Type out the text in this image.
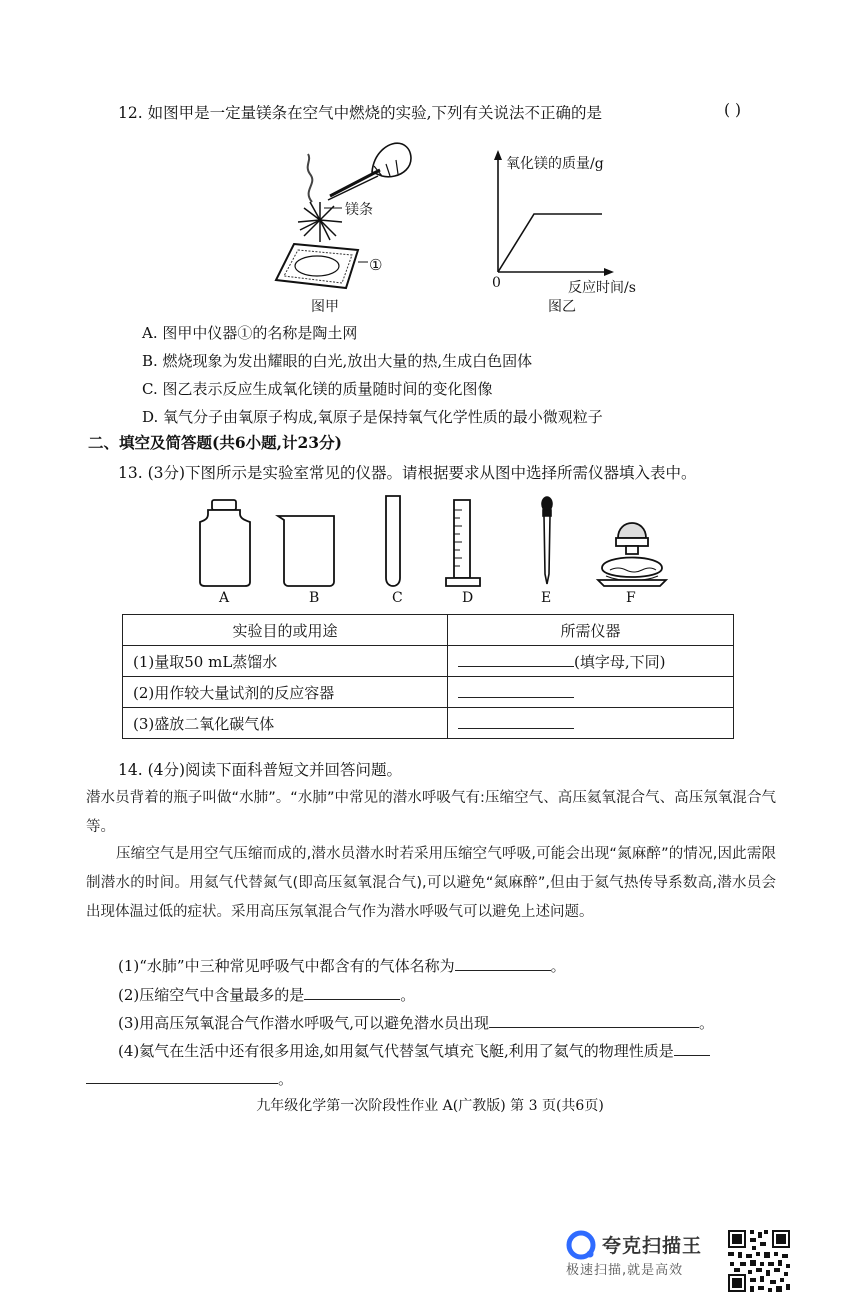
12. 如图甲是一定量镁条在空气中燃烧的实验,下列有关说法不正确的是	( )
镁条
①
图甲
氧化镁的质量/g
0	反应时间/s
图乙
A. 图甲中仪器①的名称是陶土网
B. 燃烧现象为发出耀眼的白光,放出大量的热,生成白色固体
C. 图乙表示反应生成氧化镁的质量随时间的变化图像
D. 氧气分子由氧原子构成,氧原子是保持氧气化学性质的最小微观粒子
二、填空及简答题(共6小题,计23分)
13. (3分)下图所示是实验室常见的仪器。请根据要求从图中选择所需仪器填入表中。
A	B	C	D	E	F
实验目的或用途	所需仪器
(1)量取50 mL蒸馏水	(填字母,下同)
(2)用作较大量试剂的反应容器	
(3)盛放二氧化碳气体	
14. (4分)阅读下面科普短文并回答问题。
潜水员背着的瓶子叫做“水肺”。“水肺”中常见的潜水呼吸气有:压缩空气、高压氦氧混合气、高压氖氧混合气等。
压缩空气是用空气压缩而成的,潜水员潜水时若采用压缩空气呼吸,可能会出现“氮麻醉”的情况,因此需限制潜水的时间。用氦气代替氮气(即高压氦氧混合气),可以避免“氮麻醉”,但由于氦气热传导系数高,潜水员会出现体温过低的症状。采用高压氖氧混合气作为潜水呼吸气可以避免上述问题。
(1)“水肺”中三种常见呼吸气中都含有的气体名称为	。
(2)压缩空气中含量最多的是	。
(3)用高压氖氧混合气作潜水呼吸气,可以避免潜水员出现	。
(4)氦气在生活中还有很多用途,如用氦气代替氢气填充飞艇,利用了氦气的物理性质是
。
九年级化学第一次阶段性作业 A(广教版) 第 3 页(共6页)
夸克扫描王
极速扫描,就是高效
